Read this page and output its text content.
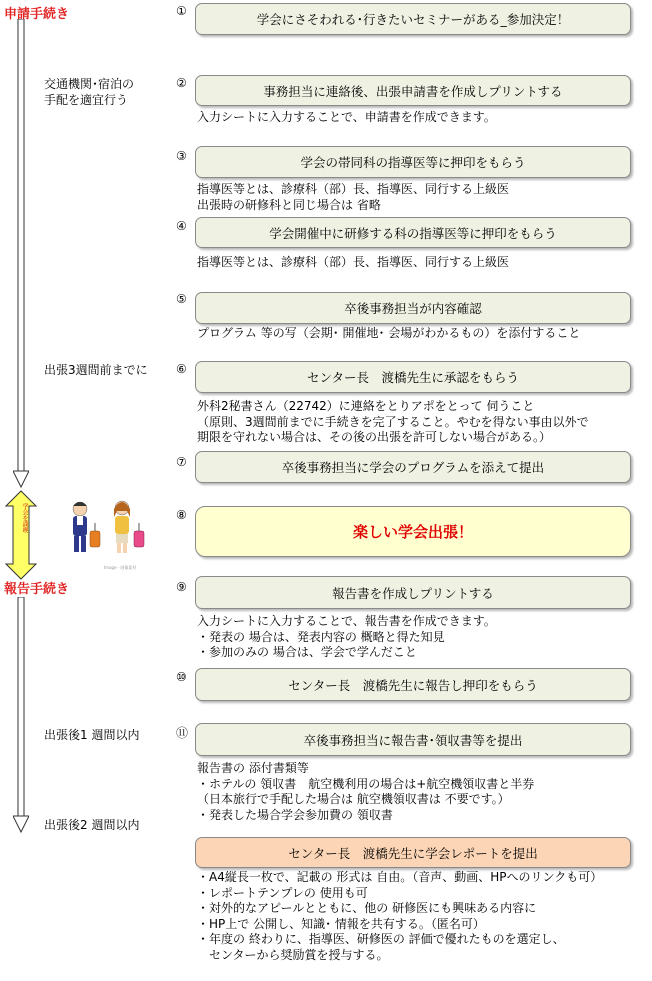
学会を満喫
申請手続き
報告手続き
交通機関･宿泊の
手配を適宜行う
出張3週間前までに
出張後1 週間以内
出張後2 週間以内
①
学会にさそわれる･行きたいセミナーがある_参加決定！
②
事務担当に連絡後、出張申請書を作成しプリントする
入力シートに入力することで、申請書を作成できます。
③	学会の帯同科の指導医等に押印をもらう
指導医等とは、診療科（部）長、指導医、同行する上級医
出張時の研修科と同じ場合は 省略
④	学会開催中に研修する科の指導医等に押印をもらう
指導医等とは、診療科（部）長、指導医、同行する上級医
⑤
卒後事務担当が内容確認
プログラム 等の写（会期･ 開催地･ 会場がわかるもの）を添付すること
⑥
センター長　渡橋先生に承認をもらう
外科2秘書さん（22742）に連絡をとりアポをとって 伺うこと
（原則、3週間前までに手続きを完了すること。やむを得ない事由以外で
期限を守れない場合は、その後の出張を許可しない場合がある。）
⑦	卒後事務担当に学会のプログラムを添えて提出
⑧
楽しい学会出張！
Image · 画像素材
⑨	報告書を作成しプリントする
入力シートに入力することで、報告書を作成できます。
・発表の 場合は、発表内容の 概略と得た知見
・参加のみの 場合は、学会で学んだこと
⑩
センター長　渡橋先生に報告し押印をもらう
⑪	卒後事務担当に報告書･領収書等を提出
報告書の 添付書類等
・ホテルの 領収書　航空機利用の場合は+航空機領収書と半券
（日本旅行で手配した場合は 航空機領収書は 不要です。）
・発表した場合学会参加費の 領収書
センター長　渡橋先生に学会レポートを提出
・A4縦長一枚で、記載の 形式は 自由。（音声、動画、HPへのリンクも可）
・レポートテンプレの 使用も可
・対外的なアピールとともに、他の 研修医にも興味ある内容に
・HP上で 公開し、知識･ 情報を共有する。（匿名可）
・年度の 終わりに、指導医、研修医の 評価で優れたものを選定し、
　センターから奨励賞を授与する。
